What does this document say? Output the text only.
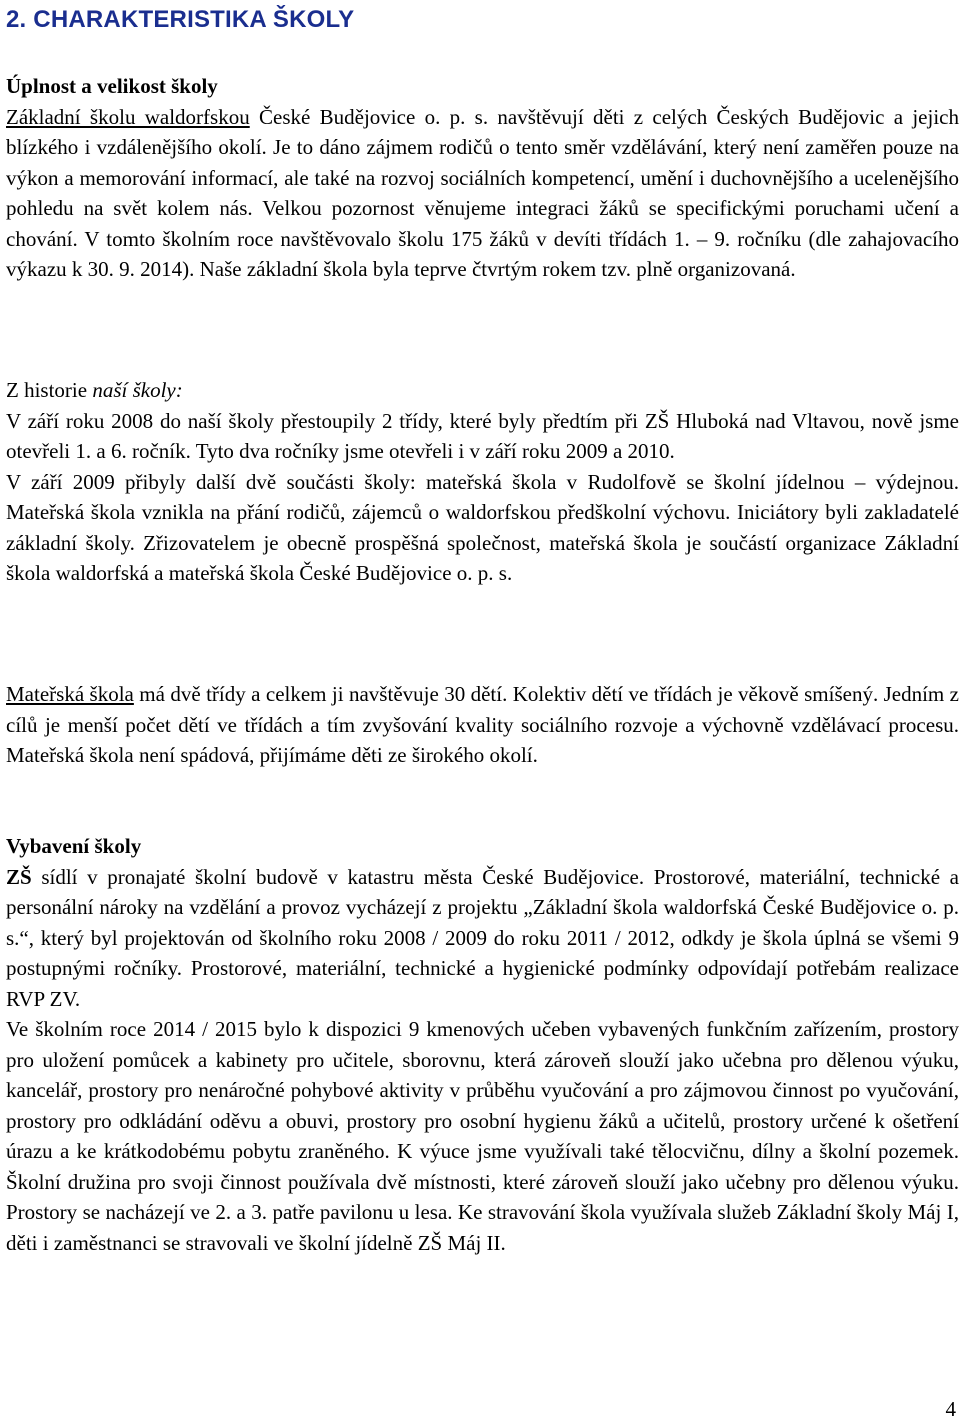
2. CHARAKTERISTIKA ŠKOLY

Úplnost a velikost školy

Základní školu waldorfskou České Budějovice o. p. s. navštěvují děti z celých Českých Budějovic a jejich blízkého i vzdálenějšího okolí. Je to dáno zájmem rodičů o tento směr vzdělávání, který není zaměřen pouze na výkon a memorování informací, ale také na rozvoj sociálních kompetencí, umění i duchovnějšího a ucelenějšího pohledu na svět kolem nás. Velkou pozornost věnujeme integraci žáků se specifickými poruchami učení a chování. V tomto školním roce navštěvovalo školu 175 žáků v devíti třídách 1. – 9. ročníku (dle zahajovacího výkazu k 30. 9. 2014). Naše základní škola byla teprve čtvrtým rokem tzv. plně organizovaná.

Z historie naší školy:

V září roku 2008 do naší školy přestoupily 2 třídy, které byly předtím při ZŠ Hluboká nad Vltavou, nově jsme otevřeli 1. a 6. ročník. Tyto dva ročníky jsme otevřeli i v září roku 2009 a 2010.

V září 2009 přibyly další dvě součásti školy: mateřská škola v Rudolfově se školní jídelnou – výdejnou. Mateřská škola vznikla na přání rodičů, zájemců o waldorfskou předškolní výchovu. Iniciátory byli zakladatelé základní školy. Zřizovatelem je obecně prospěšná společnost, mateřská škola je součástí organizace Základní škola waldorfská a mateřská škola České Budějovice o. p. s.

Mateřská škola má dvě třídy a celkem ji navštěvuje 30 dětí. Kolektiv dětí ve třídách je věkově smíšený. Jedním z cílů je menší počet dětí ve třídách a tím zvyšování kvality sociálního rozvoje a výchovně vzdělávací procesu. Mateřská škola není spádová, přijímáme děti ze širokého okolí.

Vybavení školy

ZŠ sídlí v pronajaté školní budově v katastru města České Budějovice. Prostorové, materiální, technické a personální nároky na vzdělání a provoz vycházejí z projektu „Základní škola waldorfská České Budějovice o. p. s.“, který byl projektován od školního roku 2008 / 2009 do roku 2011 / 2012, odkdy je škola úplná se všemi 9 postupnými ročníky. Prostorové, materiální, technické a hygienické podmínky odpovídají potřebám realizace RVP ZV.

Ve školním roce 2014 / 2015 bylo k dispozici 9 kmenových učeben vybavených funkčním zařízením, prostory pro uložení pomůcek a kabinety pro učitele, sborovnu, která zároveň slouží jako učebna pro dělenou výuku, kancelář, prostory pro nenáročné pohybové aktivity v průběhu vyučování a pro zájmovou činnost po vyučování, prostory pro odkládání oděvu a obuvi, prostory pro osobní hygienu žáků a učitelů, prostory určené k ošetření úrazu a ke krátkodobému pobytu zraněného. K výuce jsme využívali také tělocvičnu, dílny a školní pozemek. Školní družina pro svoji činnost používala dvě místnosti, které zároveň slouží jako učebny pro dělenou výuku. Prostory se nacházejí ve 2. a 3. patře pavilonu u lesa. Ke stravování škola využívala služeb Základní školy Máj I, děti i zaměstnanci se stravovali ve školní jídelně ZŠ Máj II.

4
